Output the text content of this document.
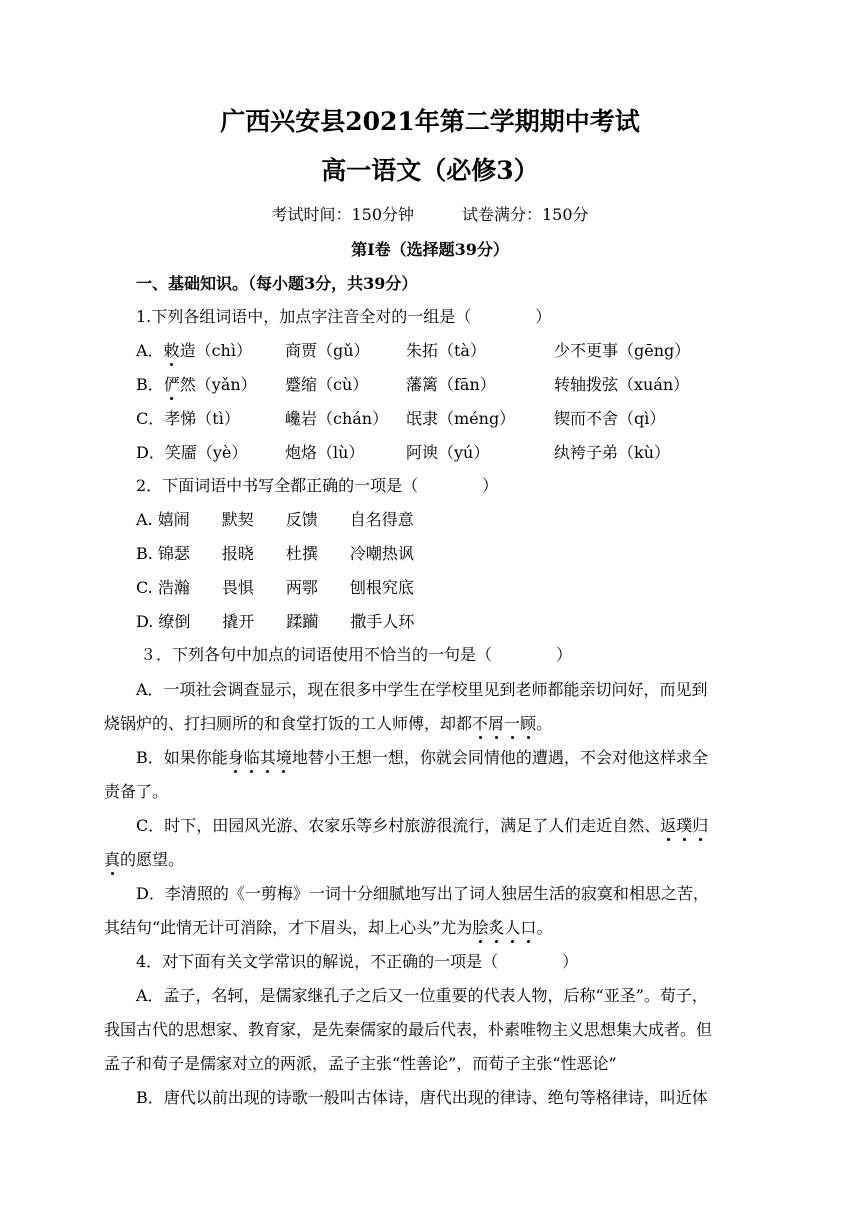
广西兴安县2021年第二学期期中考试
高一语文（必修3）
考试时间：150分钟　　　试卷满分：150分
第Ⅰ卷（选择题39分）
一、基础知识。（每小题3分，共39分）
1.下列各组词语中，加点字注音全对的一组是（　　　　）
A．敕造（chì） 商贾（gǔ） 朱拓（tà）	少不更事（gēng）
B．俨然（yǎn） 蹙缩（cù） 藩篱（fān）	转轴拨弦（xuán）
C．孝悌（tì）	巉岩（chán） 氓隶（méng） 锲而不舍（qì）
D．笑靥（yè） 炮烙（lù）	阿谀（yú）	纨袴子弟（kù）
2．下面词语中书写全都正确的一项是（　　　　）
A. 嬉闹　　默契　　反馈　　自名得意
B. 锦瑟　　报晓　　杜撰　　冷嘲热讽
C. 浩瀚　　畏惧　　两鄂　　刨根究底
D. 缭倒　　撬开　　蹂躏　　撒手人环
３．下列各句中加点的词语使用不恰当的一句是（　　　　）
A．一项社会调查显示，现在很多中学生在学校里见到老师都能亲切问好，而见到
烧锅炉的、打扫厕所的和食堂打饭的工人师傅，却都不屑一顾。
B．如果你能身临其境地替小王想一想，你就会同情他的遭遇，不会对他这样求全
责备了。
C．时下，田园风光游、农家乐等乡村旅游很流行，满足了人们走近自然、返璞归
真的愿望。
D．李清照的《一剪梅》一词十分细腻地写出了词人独居生活的寂寞和相思之苦，
其结句“此情无计可消除，才下眉头，却上心头”尤为脍炙人口。
4．对下面有关文学常识的解说，不正确的一项是（　　　　）
A．孟子，名轲，是儒家继孔子之后又一位重要的代表人物，后称“亚圣”。荀子，
我国古代的思想家、教育家，是先秦儒家的最后代表，朴素唯物主义思想集大成者。但
孟子和荀子是儒家对立的两派，孟子主张“性善论”，而荀子主张“性恶论”
B．唐代以前出现的诗歌一般叫古体诗，唐代出现的律诗、绝句等格律诗，叫近体
